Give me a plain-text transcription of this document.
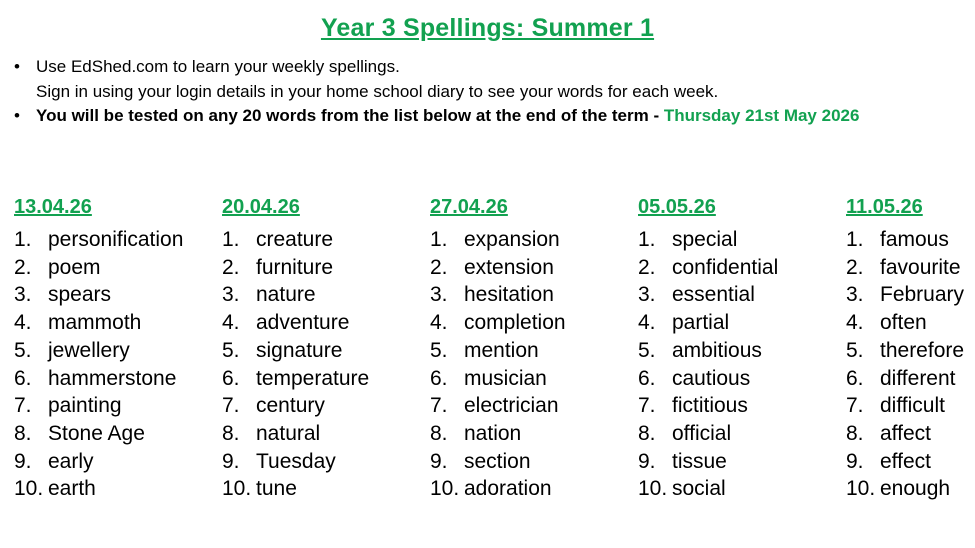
Year 3 Spellings: Summer 1
• Use EdShed.com to learn your weekly spellings.
Sign in using your login details in your home school diary to see your words for each week.
• You will be tested on any 20 words from the list below at the end of the term - Thursday 21st May 2026
13.04.26
1. personification
2. poem
3. spears
4. mammoth
5. jewellery
6. hammerstone
7. painting
8. Stone Age
9. early
10. earth
20.04.26
1. creature
2. furniture
3. nature
4. adventure
5. signature
6. temperature
7. century
8. natural
9. Tuesday
10. tune
27.04.26
1. expansion
2. extension
3. hesitation
4. completion
5. mention
6. musician
7. electrician
8. nation
9. section
10. adoration
05.05.26
1. special
2. confidential
3. essential
4. partial
5. ambitious
6. cautious
7. fictitious
8. official
9. tissue
10. social
11.05.26
1. famous
2. favourite
3. February
4. often
5. therefore
6. different
7. difficult
8. affect
9. effect
10. enough
